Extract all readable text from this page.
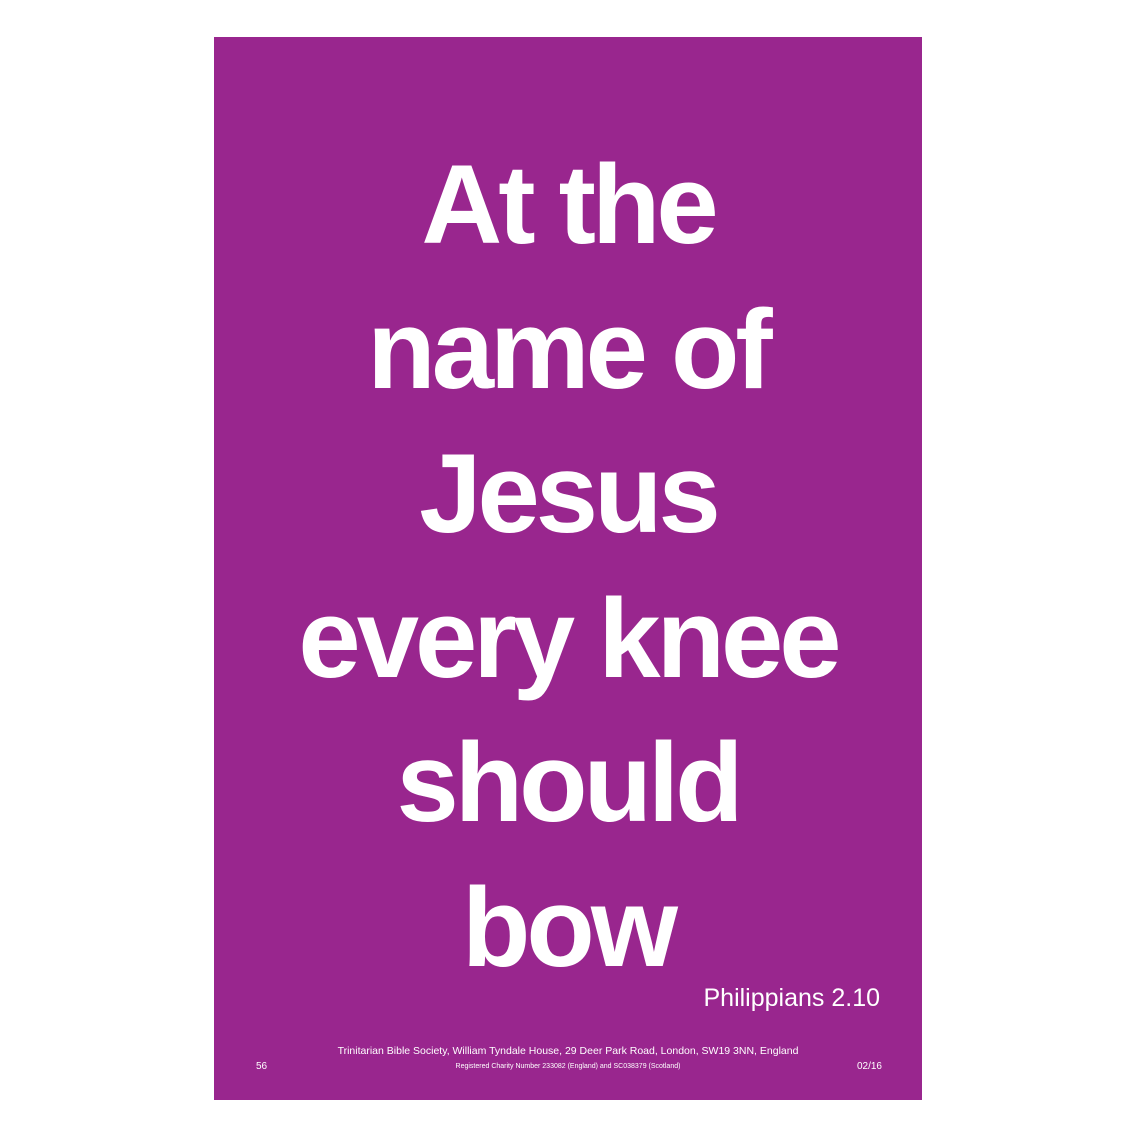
At the
name of
Jesus
every knee
should
bow
Philippians 2.10
Trinitarian Bible Society, William Tyndale House, 29 Deer Park Road, London, SW19 3NN, England
56	Registered Charity Number 233082 (England) and SC038379 (Scotland)	02/16
